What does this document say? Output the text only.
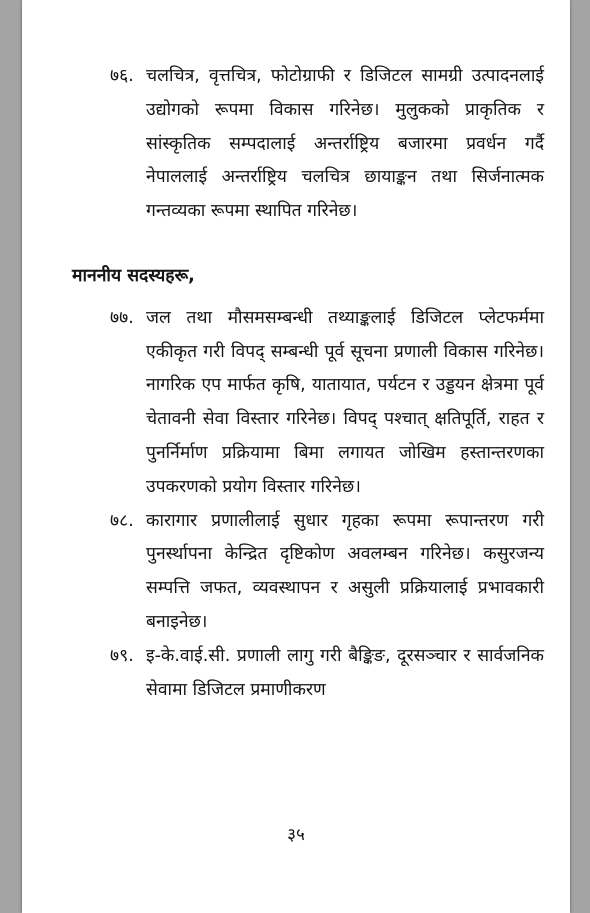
७६. चलचित्र, वृत्तचित्र, फोटोग्राफी र डिजिटल सामग्री उत्पादनलाई उद्योगको रूपमा विकास गरिनेछ। मुलुकको प्राकृतिक र सांस्कृतिक सम्पदालाई अन्तर्राष्ट्रिय बजारमा प्रवर्धन गर्दै नेपाललाई अन्तर्राष्ट्रिय चलचित्र छायाङ्कन तथा सिर्जनात्मक गन्तव्यका रूपमा स्थापित गरिनेछ।
माननीय सदस्यहरू,
७७. जल तथा मौसमसम्बन्धी तथ्याङ्कलाई डिजिटल प्लेटफर्ममा एकीकृत गरी विपद् सम्बन्धी पूर्व सूचना प्रणाली विकास गरिनेछ। नागरिक एप मार्फत कृषि, यातायात, पर्यटन र उड्डयन क्षेत्रमा पूर्व चेतावनी सेवा विस्तार गरिनेछ। विपद् पश्चात् क्षतिपूर्ति, राहत र पुनर्निर्माण प्रक्रियामा बिमा लगायत जोखिम हस्तान्तरणका उपकरणको प्रयोग विस्तार गरिनेछ।
७८. कारागार प्रणालीलाई सुधार गृहका रूपमा रूपान्तरण गरी पुनर्स्थापना केन्द्रित दृष्टिकोण अवलम्बन गरिनेछ। कसुरजन्य सम्पत्ति जफत, व्यवस्थापन र असुली प्रक्रियालाई प्रभावकारी बनाइनेछ।
७९. इ-के.वाई.सी. प्रणाली लागु गरी बैङ्किङ, दूरसञ्चार र सार्वजनिक सेवामा डिजिटल प्रमाणीकरण
३५
